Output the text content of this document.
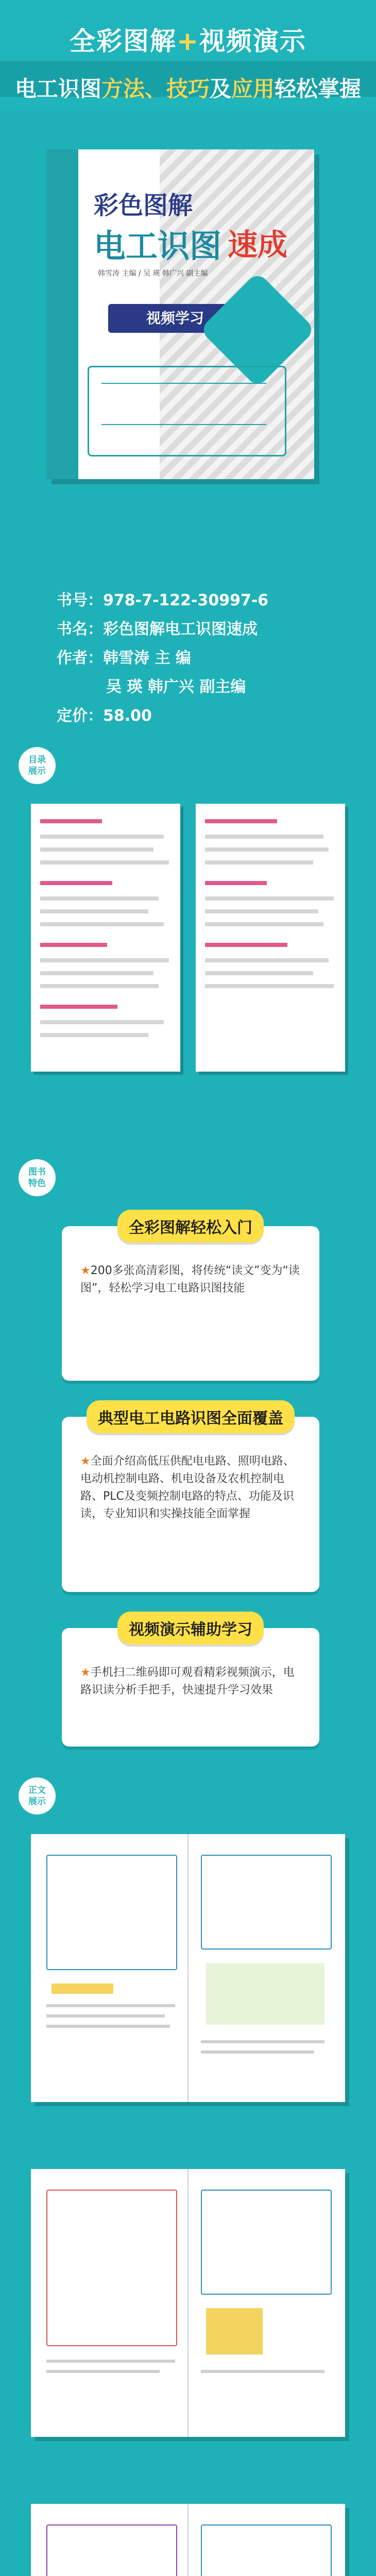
全彩图解+视频演示
电工识图方法、技巧及应用轻松掌握
彩色图解
电工识图 速成
韩雪涛 主编 / 吴 瑛 韩广兴 副主编
视频学习
书号：978-7-122-30997-6
书名：彩色图解电工识图速成
作者：韩雪涛 主 编
吴 瑛 韩广兴 副主编
定价：58.00
目录
展示
图书
特色
全彩图解轻松入门
★200多张高清彩图，将传统“读文”变为“读图”，轻松学习电工电路识图技能
典型电工电路识图全面覆盖
★全面介绍高低压供配电电路、照明电路、电动机控制电路、机电设备及农机控制电路、PLC及变频控制电路的特点、功能及识读，专业知识和实操技能全面掌握
视频演示辅助学习
★手机扫二维码即可观看精彩视频演示，电路识读分析手把手，快速提升学习效果
正文
展示
